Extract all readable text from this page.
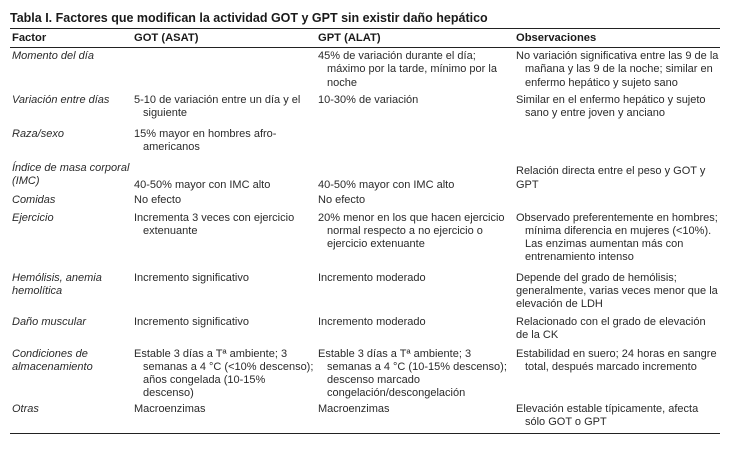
Tabla I. Factores que modifican la actividad GOT y GPT sin existir daño hepático
Factor	GOT (ASAT)	GPT (ALAT)	Observaciones
Momento del día		45% de variación durante el día; máximo por la tarde, mínimo por la noche	No variación significativa entre las 9 de la mañana y las 9 de la noche; similar en enfermo hepático y sujeto sano

Variación entre días	5-10 de variación entre un día y el siguiente	10-30% de variación	Similar en el enfermo hepático y sujeto sano y entre joven y anciano

Raza/sexo	15% mayor en hombres afro-americanos		

Índice de masa corporal (IMC)	40-50% mayor con IMC alto	40-50% mayor con IMC alto	Relación directa entre el peso y GOT y GPT
Comidas	No efecto	No efecto	
Ejercicio	Incrementa 3 veces con ejercicio extenuante	20% menor en los que hacen ejercicio normal respecto a no ejercicio o ejercicio extenuante	Observado preferentemente en hombres; mínima diferencia en mujeres (<10%). Las enzimas aumentan más con entrenamiento intenso

Hemólisis, anemia hemolítica	Incremento significativo	Incremento moderado	Depende del grado de hemólisis; generalmente, varias veces menor que la elevación de LDH
Daño muscular	Incremento significativo	Incremento moderado	Relacionado con el grado de elevación de la CK
Condiciones de almacenamiento	Estable 3 días a Tª ambiente; 3 semanas a 4 °C (<10% descenso); años congelada (10-15% descenso)	Estable 3 días a Tª ambiente; 3 semanas a 4 °C (10-15% descenso); descenso marcado congelación/descongelación	Estabilidad en suero; 24 horas en sangre total, después marcado incremento

Otras	Macroenzimas	Macroenzimas	Elevación estable típicamente, afecta sólo GOT o GPT
